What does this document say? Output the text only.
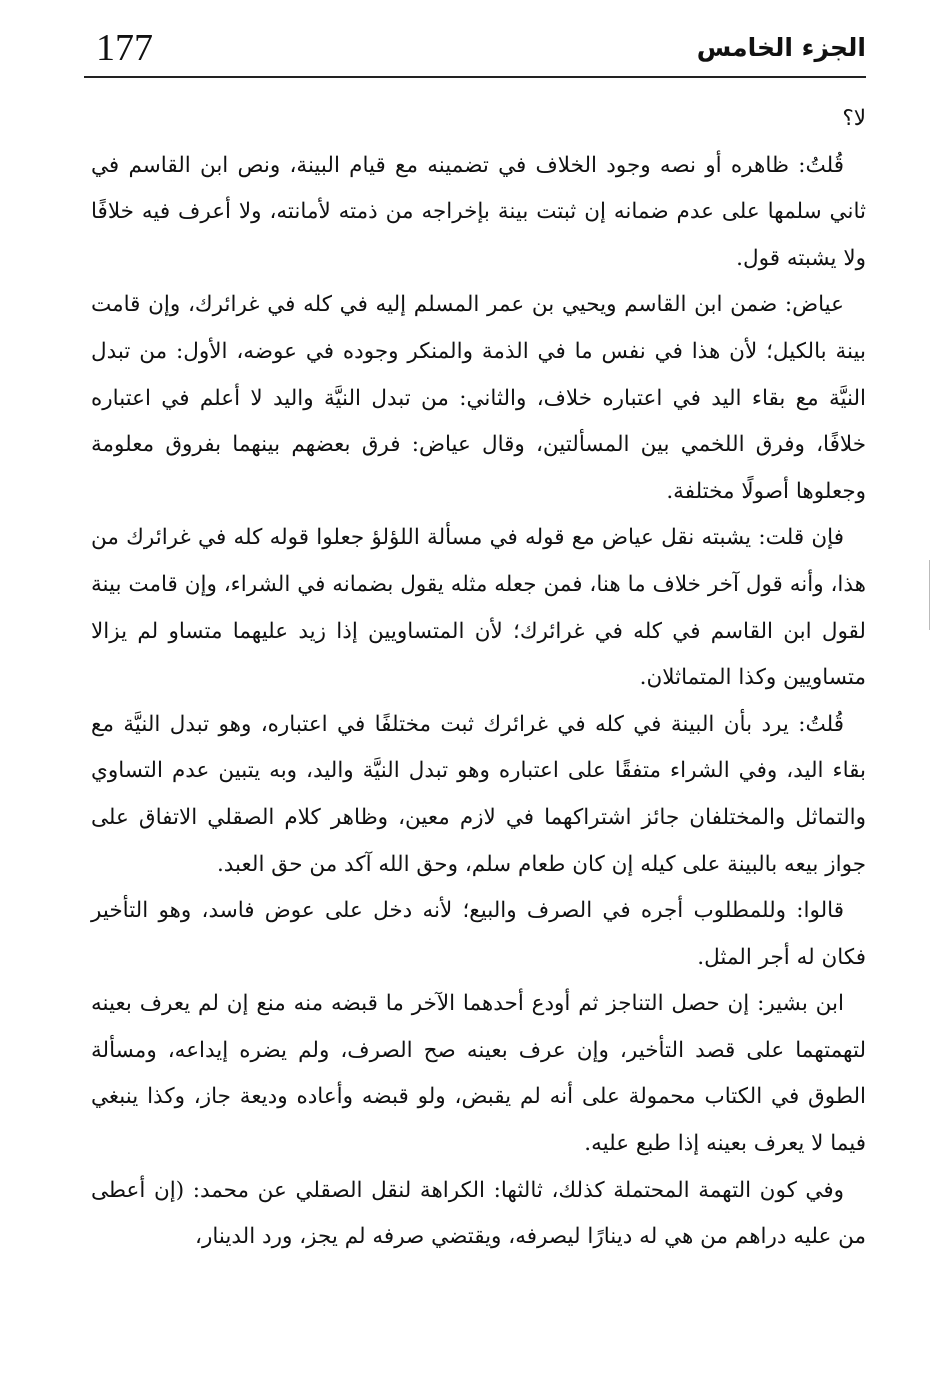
177	الجزء الخامس

لا؟

قُلتُ: ظاهره أو نصه وجود الخلاف في تضمينه مع قيام البينة، ونص ابن القاسم في ثاني سلمها على عدم ضمانه إن ثبتت بينة بإخراجه من ذمته لأمانته، ولا أعرف فيه خلافًا ولا يشبته قول.

عياض: ضمن ابن القاسم ويحيي بن عمر المسلم إليه في كله في غرائرك، وإن قامت بينة بالكيل؛ لأن هذا في نفس ما في الذمة والمنكر وجوده في عوضه، الأول: من تبدل النيَّة مع بقاء اليد في اعتباره خلاف، والثاني: من تبدل النيَّة واليد لا أعلم في اعتباره خلافًا، وفرق اللخمي بين المسألتين، وقال عياض: فرق بعضهم بينهما بفروق معلومة وجعلوها أصولًا مختلفة.

فإن قلت: يشبته نقل عياض مع قوله في مسألة اللؤلؤ جعلوا قوله كله في غرائرك من هذا، وأنه قول آخر خلاف ما هنا، فمن جعله مثله يقول بضمانه في الشراء، وإن قامت بينة لقول ابن القاسم في كله في غرائرك؛ لأن المتساويين إذا زيد عليهما متساو لم يزالا متساويين وكذا المتماثلان.

قُلتُ: يرد بأن البينة في كله في غرائرك ثبت مختلفًا في اعتباره، وهو تبدل النيَّة مع بقاء اليد، وفي الشراء متفقًا على اعتباره وهو تبدل النيَّة واليد، وبه يتبين عدم التساوي والتماثل والمختلفان جائز اشتراكهما في لازم معين، وظاهر كلام الصقلي الاتفاق على جواز بيعه بالبينة على كيله إن كان طعام سلم، وحق الله آكد من حق العبد.

قالوا: وللمطلوب أجره في الصرف والبيع؛ لأنه دخل على عوض فاسد، وهو التأخير فكان له أجر المثل.

ابن بشير: إن حصل التناجز ثم أودع أحدهما الآخر ما قبضه منه منع إن لم يعرف بعينه لتهمتهما على قصد التأخير، وإن عرف بعينه صح الصرف، ولم يضره إيداعه، ومسألة الطوق في الكتاب محمولة على أنه لم يقبض، ولو قبضه وأعاده وديعة جاز، وكذا ينبغي فيما لا يعرف بعينه إذا طبع عليه.

وفي كون التهمة المحتملة كذلك، ثالثها: الكراهة لنقل الصقلي عن محمد: (إن أعطى من عليه دراهم من هي له دينارًا ليصرفه، ويقتضي صرفه لم يجز، ورد الدينار،
